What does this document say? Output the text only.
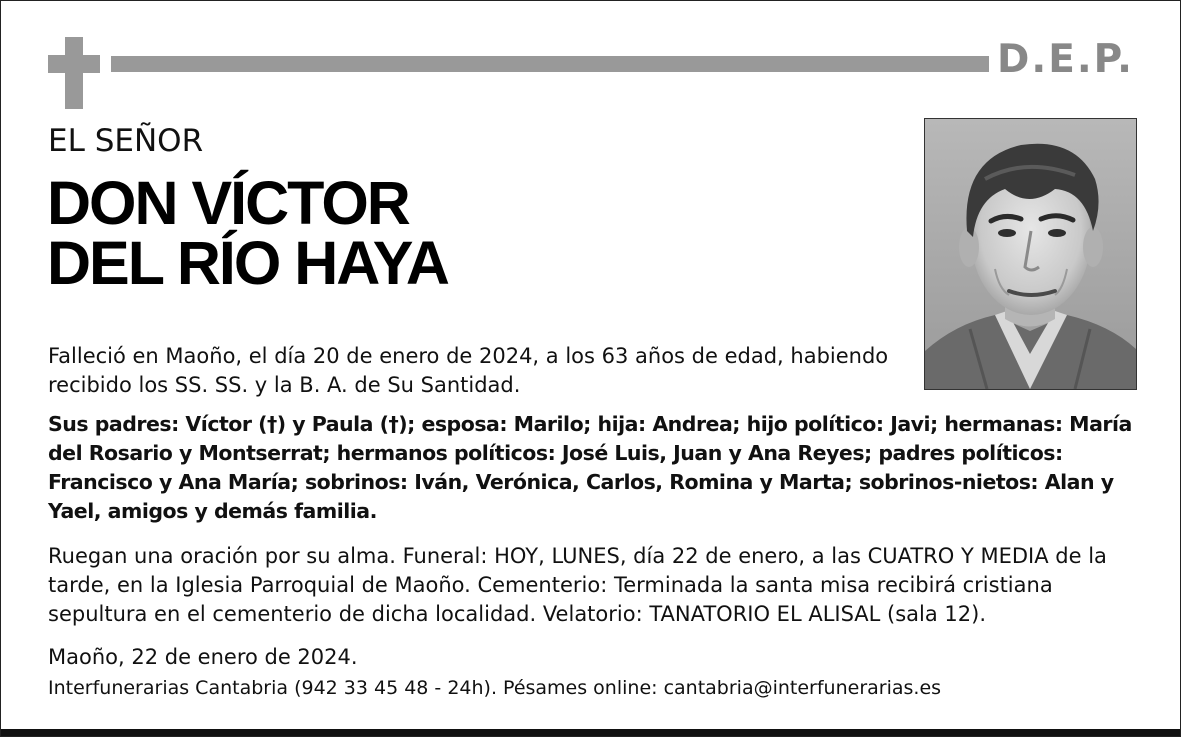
D.E.P.
EL SEÑOR
DON VÍCTOR
DEL RÍO HAYA
Falleció en Maoño, el día 20 de enero de 2024, a los 63 años de edad, habiendo recibido los SS. SS. y la B. A. de Su Santidad.
Sus padres: Víctor (†) y Paula (†); esposa: Marilo; hija: Andrea; hijo político: Javi; hermanas: María del Rosario y Montserrat; hermanos políticos: José Luis, Juan y Ana Reyes; padres políticos: Francisco y Ana María; sobrinos: Iván, Verónica, Carlos, Romina y Marta; sobrinos-nietos: Alan y Yael, amigos y demás familia.
Ruegan una oración por su alma. Funeral: HOY, LUNES, día 22 de enero, a las CUATRO Y MEDIA de la tarde, en la Iglesia Parroquial de Maoño. Cementerio: Terminada la santa misa recibirá cristiana sepultura en el cementerio de dicha localidad. Velatorio: TANATORIO EL ALISAL (sala 12).
Maoño, 22 de enero de 2024.
Interfunerarias Cantabria (942 33 45 48 - 24h). Pésames online: cantabria@interfunerarias.es
